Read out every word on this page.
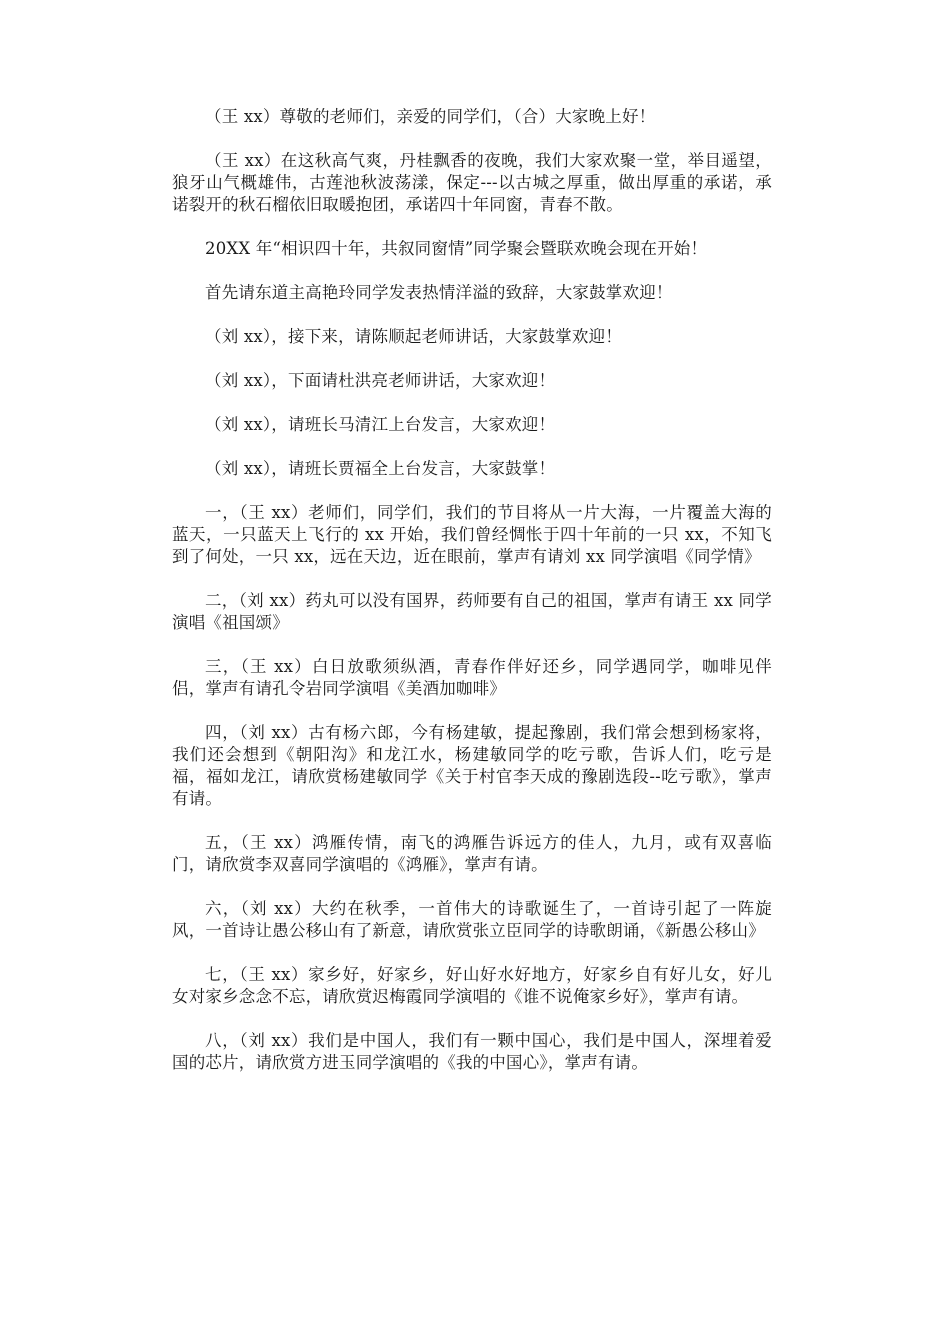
（王 xx）尊敬的老师们，亲爱的同学们，（合）大家晚上好！

（王 xx）在这秋高气爽，丹桂飘香的夜晚，我们大家欢聚一堂，举目遥望，狼牙山气概雄伟，古莲池秋波荡漾，保定---以古城之厚重，做出厚重的承诺，承诺裂开的秋石榴依旧取暖抱团，承诺四十年同窗，青春不散。

20XX 年“相识四十年，共叙同窗情”同学聚会暨联欢晚会现在开始！

首先请东道主高艳玲同学发表热情洋溢的致辞，大家鼓掌欢迎！

（刘 xx），接下来，请陈顺起老师讲话，大家鼓掌欢迎！

（刘 xx），下面请杜洪亮老师讲话，大家欢迎！

（刘 xx），请班长马清江上台发言，大家欢迎！

（刘 xx），请班长贾福全上台发言，大家鼓掌！

一，（王 xx）老师们，同学们，我们的节目将从一片大海，一片覆盖大海的蓝天，一只蓝天上飞行的 xx 开始，我们曾经惆怅于四十年前的一只 xx，不知飞到了何处，一只 xx，远在天边，近在眼前，掌声有请刘 xx 同学演唱《同学情》

二，（刘 xx）药丸可以没有国界，药师要有自己的祖国，掌声有请王 xx 同学演唱《祖国颂》

三，（王 xx）白日放歌须纵酒，青春作伴好还乡，同学遇同学，咖啡见伴侣，掌声有请孔令岩同学演唱《美酒加咖啡》

四，（刘 xx）古有杨六郎，今有杨建敏，提起豫剧，我们常会想到杨家将，我们还会想到《朝阳沟》和龙江水，杨建敏同学的吃亏歌，告诉人们，吃亏是福，福如龙江，请欣赏杨建敏同学《关于村官李天成的豫剧选段--吃亏歌》，掌声有请。

五，（王 xx）鸿雁传情，南飞的鸿雁告诉远方的佳人，九月，或有双喜临门，请欣赏李双喜同学演唱的《鸿雁》，掌声有请。

六，（刘 xx）大约在秋季，一首伟大的诗歌诞生了，一首诗引起了一阵旋风，一首诗让愚公移山有了新意，请欣赏张立臣同学的诗歌朗诵，《新愚公移山》

七，（王 xx）家乡好，好家乡，好山好水好地方，好家乡自有好儿女，好儿女对家乡念念不忘，请欣赏迟梅霞同学演唱的《谁不说俺家乡好》，掌声有请。

八，（刘 xx）我们是中国人，我们有一颗中国心，我们是中国人，深埋着爱国的芯片，请欣赏方进玉同学演唱的《我的中国心》，掌声有请。
